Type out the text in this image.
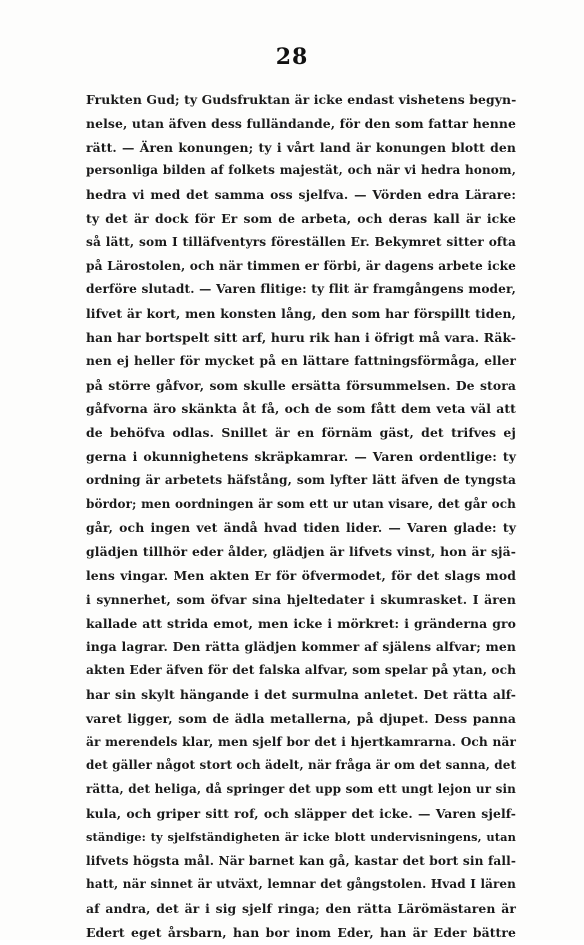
28
Frukten Gud; ty Gudsfruktan är icke endast vishetens begyn-
nelse, utan äfven dess fulländande, för den som fattar henne
rätt. — Ären konungen; ty i vårt land är konungen blott den
personliga bilden af folkets majestät, och när vi hedra honom,
hedra vi med det samma oss sjelfva. — Vörden edra Lärare:
ty det är dock för Er som de arbeta, och deras kall är icke
så lätt, som I tilläfventyrs föreställen Er. Bekymret sitter ofta
på Lärostolen, och när timmen er förbi, är dagens arbete icke
derföre slutadt. — Varen flitige: ty flit är framgångens moder,
lifvet är kort, men konsten lång, den som har förspillt tiden,
han har bortspelt sitt arf, huru rik han i öfrigt må vara. Räk-
nen ej heller för mycket på en lättare fattningsförmåga, eller
på större gåfvor, som skulle ersätta försummelsen. De stora
gåfvorna äro skänkta åt få, och de som fått dem veta väl att
de behöfva odlas. Snillet är en förnäm gäst, det trifves ej
gerna i okunnighetens skräpkamrar. — Varen ordentlige: ty
ordning är arbetets häfstång, som lyfter lätt äfven de tyngsta
bördor; men oordningen är som ett ur utan visare, det går och
går, och ingen vet ändå hvad tiden lider. — Varen glade: ty
glädjen tillhör eder ålder, glädjen är lifvets vinst, hon är sjä-
lens vingar. Men akten Er för öfvermodet, för det slags mod
i synnerhet, som öfvar sina hjeltedater i skumrasket. I ären
kallade att strida emot, men icke i mörkret: i gränderna gro
inga lagrar. Den rätta glädjen kommer af själens alfvar; men
akten Eder äfven för det falska alfvar, som spelar på ytan, och
har sin skylt hängande i det surmulna anletet. Det rätta alf-
varet ligger, som de ädla metallerna, på djupet. Dess panna
är merendels klar, men sjelf bor det i hjertkamrarna. Och när
det gäller något stort och ädelt, när fråga är om det sanna, det
rätta, det heliga, då springer det upp som ett ungt lejon ur sin
kula, och griper sitt rof, och släpper det icke. — Varen sjelf-
ständige: ty sjelfständigheten är icke blott undervisningens, utan
lifvets högsta mål. När barnet kan gå, kastar det bort sin fall-
hatt, när sinnet är utväxt, lemnar det gångstolen. Hvad I lären
af andra, det är i sig sjelf ringa; den rätta Lärömästaren är
Edert eget årsbarn, han bor inom Eder, han är Eder bättre
